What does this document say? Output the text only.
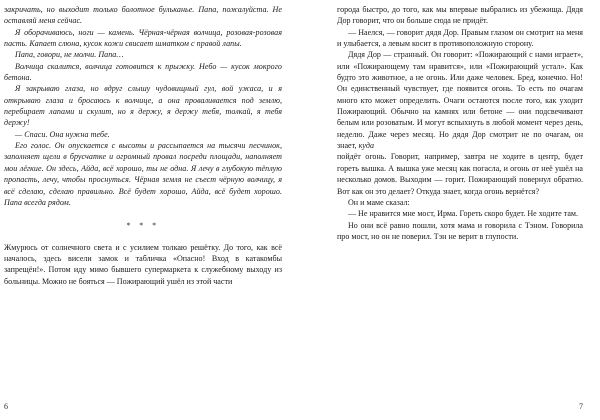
закричать, но выходит только болотное бульканье. Папа, пожалуйста. Не оставляй меня сейчас.

Я оборачиваюсь, ноги — камень. Чёрная-чёрная волчица, розовая-розовая пасть. Капает слюна, кусок кожи свисает шматком с правой лапы.

Папа, говори, не молчи. Папа…

Волчица скалится, волчица готовится к прыжку. Небо — кусок мокрого бетона.

Я закрываю глаза, но вдруг слышу чудовищный гул, вой ужаса, и я открываю глаза и бросаюсь к волчице, а она проваливается под землю, перебирает лапами и скулит, но я держу, я держу тебя, толкай, я тебя держу!

— Спаси. Она нужна тебе.

Его голос. Он опускается с высоты и рассыпается на тысячи песчинок, заполняет щели в брусчатке и огромный провал посреди площади, наполняет мои лёгкие. Он здесь, Айда, всё хорошо, ты не одна. Я лечу в глубокую тёплую пропасть, лечу, чтобы проснуться. Чёрная земля не съест чёрную волчицу, я всё сделаю, сделаю правильно. Всё будет хорошо, Айда, всё будет хорошо. Папа всегда рядом.

* * *

Жмурюсь от солнечного света и с усилием толкаю решётку. До того, как всё началось, здесь висели замок и табличка «Опасно! Вход в катакомбы запрещён!». Потом иду мимо бывшего супермаркета к служебному выходу из больницы. Можно не бояться — Пожирающий ушёл из этой части

6

города быстро, до того, как мы впервые выбрались из убежища. Дядя Дор говорит, что он больше сюда не придёт.

— Наелся, — говорит дядя Дор. Правым глазом он смотрит на меня и улыбается, а левым косит в противоположную сторону.

Дядя Дор — странный. Он говорит: «Пожирающий с нами играет», или «Пожирающему там нравится», или «Пожирающий устал». Как будто это животное, а не огонь. Или даже человек. Бред, конечно. Но! Он единственный чувствует, где появится огонь. То есть по очагам много кто может определить. Очаги остаются после того, как уходит Пожирающий. Обычно на камнях или бетоне — они подсвечивают белым или розоватым. И могут вспыхнуть в любой момент через день, неделю. Даже через месяц. Но дядя Дор смотрит не по очагам, он знает, куда

пойдёт огонь. Говорит, например, завтра не ходите в центр, будет гореть вышка. А вышка уже месяц как погасла, и огонь от неё ушёл на несколько домов. Выходим — горит. Пожирающий повернул обратно. Вот как он это делает? Откуда знает, когда огонь вернётся?

Он и маме сказал:

— Не нравится мне мост, Ирма. Гореть скоро будет. Не ходите там.

Но они всё равно пошли, хотя мама и говорила с Тэном. Говорила про мост, но он не поверил. Тэн не верит в глупости.

7
